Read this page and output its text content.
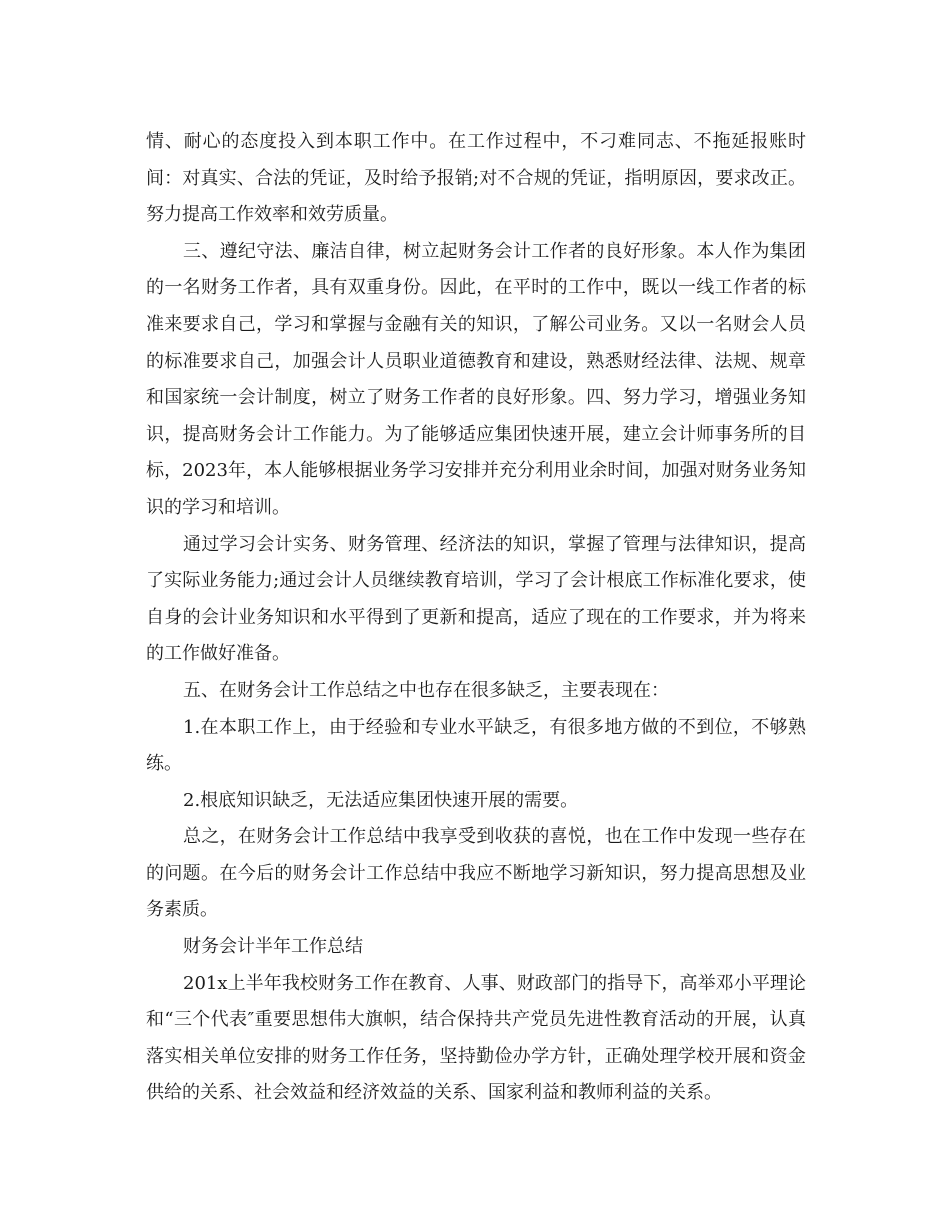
情、耐心的态度投入到本职工作中。在工作过程中，不刁难同志、不拖延报账时间：对真实、合法的凭证，及时给予报销;对不合规的凭证，指明原因，要求改正。努力提高工作效率和效劳质量。

三、遵纪守法、廉洁自律，树立起财务会计工作者的良好形象。本人作为集团的一名财务工作者，具有双重身份。因此，在平时的工作中，既以一线工作者的标准来要求自己，学习和掌握与金融有关的知识，了解公司业务。又以一名财会人员的标准要求自己，加强会计人员职业道德教育和建设，熟悉财经法律、法规、规章和国家统一会计制度，树立了财务工作者的良好形象。四、努力学习，增强业务知识，提高财务会计工作能力。为了能够适应集团快速开展，建立会计师事务所的目标，2023年，本人能够根据业务学习安排并充分利用业余时间，加强对财务业务知识的学习和培训。

通过学习会计实务、财务管理、经济法的知识，掌握了管理与法律知识，提高了实际业务能力;通过会计人员继续教育培训，学习了会计根底工作标准化要求，使自身的会计业务知识和水平得到了更新和提高，适应了现在的工作要求，并为将来的工作做好准备。

五、在财务会计工作总结之中也存在很多缺乏，主要表现在：

1.在本职工作上，由于经验和专业水平缺乏，有很多地方做的不到位，不够熟练。

2.根底知识缺乏，无法适应集团快速开展的需要。

总之，在财务会计工作总结中我享受到收获的喜悦，也在工作中发现一些存在的问题。在今后的财务会计工作总结中我应不断地学习新知识，努力提高思想及业务素质。

财务会计半年工作总结

201x上半年我校财务工作在教育、人事、财政部门的指导下，高举邓小平理论和“三个代表″重要思想伟大旗帜，结合保持共产党员先进性教育活动的开展，认真落实相关单位安排的财务工作任务，坚持勤俭办学方针，正确处理学校开展和资金供给的关系、社会效益和经济效益的关系、国家利益和教师利益的关系。
